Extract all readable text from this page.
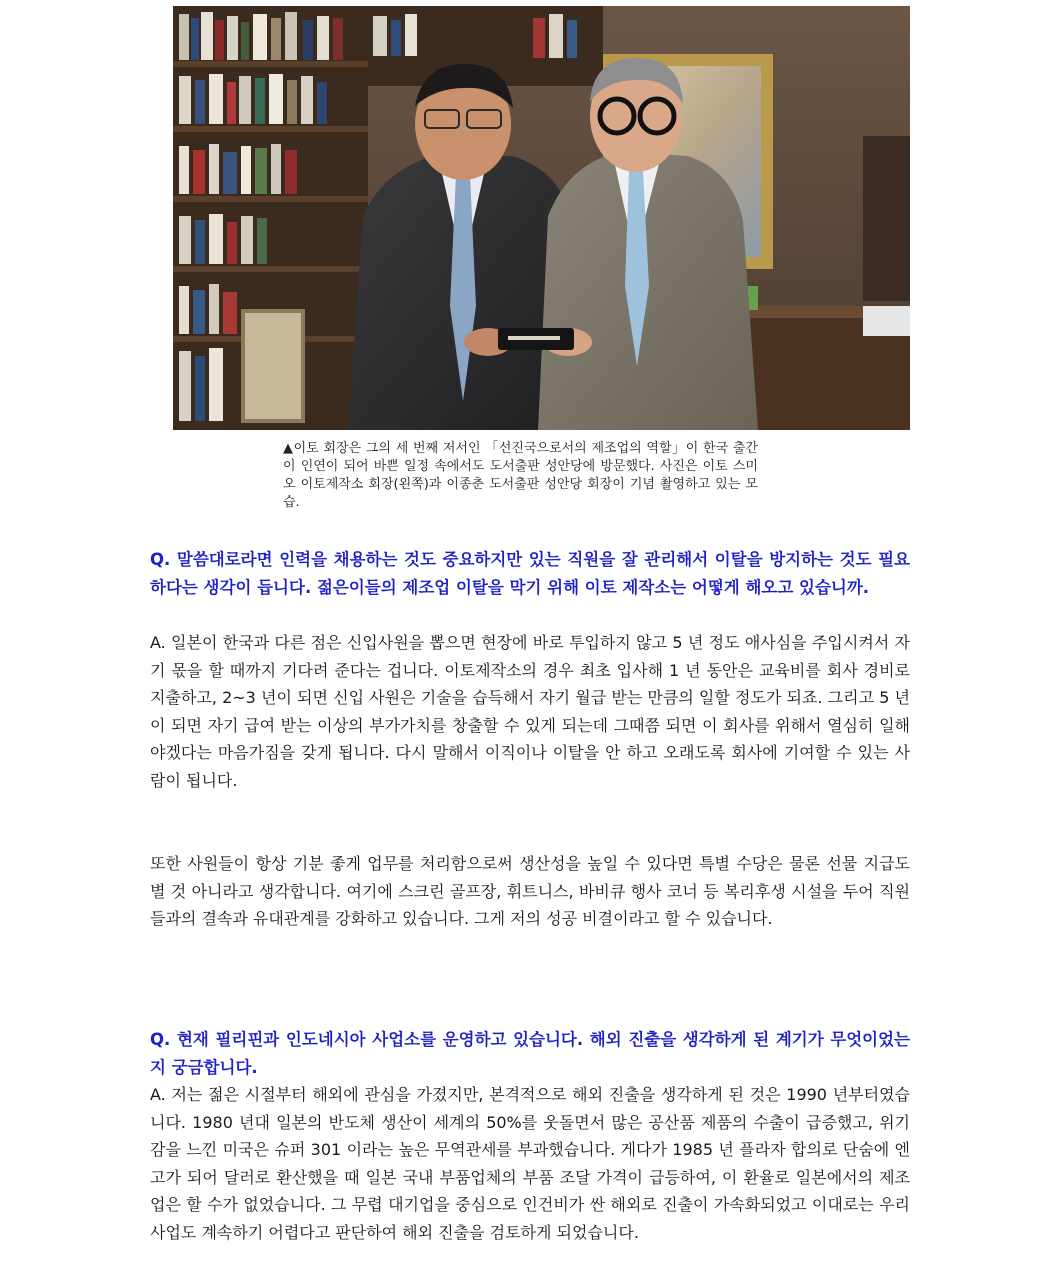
▲이토 회장은 그의 세 번째 저서인 「선진국으로서의 제조업의 역할」이 한국 출간이 인연이 되어 바쁜 일정 속에서도 도서출판 성안당에 방문했다. 사진은 이토 스미오 이토제작소 회장(왼쪽)과 이종춘 도서출판 성안당 회장이 기념 촬영하고 있는 모습.

Q. 말씀대로라면 인력을 채용하는 것도 중요하지만 있는 직원을 잘 관리해서 이탈을 방지하는 것도 필요하다는 생각이 듭니다. 젊은이들의 제조업 이탈을 막기 위해 이토 제작소는 어떻게 해오고 있습니까.

A. 일본이 한국과 다른 점은 신입사원을 뽑으면 현장에 바로 투입하지 않고 5 년 정도 애사심을 주입시켜서 자기 몫을 할 때까지 기다려 준다는 겁니다. 이토제작소의 경우 최초 입사해 1 년 동안은 교육비를 회사 경비로 지출하고, 2~3 년이 되면 신입 사원은 기술을 습득해서 자기 월급 받는 만큼의 일할 정도가 되죠. 그리고 5 년이 되면 자기 급여 받는 이상의 부가가치를 창출할 수 있게 되는데 그때쯤 되면 이 회사를 위해서 열심히 일해야겠다는 마음가짐을 갖게 됩니다. 다시 말해서 이직이나 이탈을 안 하고 오래도록 회사에 기여할 수 있는 사람이 됩니다.

또한 사원들이 항상 기분 좋게 업무를 처리함으로써 생산성을 높일 수 있다면 특별 수당은 물론 선물 지급도 별 것 아니라고 생각합니다. 여기에 스크린 골프장, 휘트니스, 바비큐 행사 코너 등 복리후생 시설을 두어 직원들과의 결속과 유대관계를 강화하고 있습니다. 그게 저의 성공 비결이라고 할 수 있습니다.

Q. 현재 필리핀과 인도네시아 사업소를 운영하고 있습니다. 해외 진출을 생각하게 된 계기가 무엇이었는지 궁금합니다.

A. 저는 젊은 시절부터 해외에 관심을 가졌지만, 본격적으로 해외 진출을 생각하게 된 것은 1990 년부터였습니다. 1980 년대 일본의 반도체 생산이 세계의 50%를 웃돌면서 많은 공산품 제품의 수출이 급증했고, 위기감을 느낀 미국은 슈퍼 301 이라는 높은 무역관세를 부과했습니다. 게다가 1985 년 플라자 합의로 단숨에 엔고가 되어 달러로 환산했을 때 일본 국내 부품업체의 부품 조달 가격이 급등하여, 이 환율로 일본에서의 제조업은 할 수가 없었습니다. 그 무렵 대기업을 중심으로 인건비가 싼 해외로 진출이 가속화되었고 이대로는 우리 사업도 계속하기 어렵다고 판단하여 해외 진출을 검토하게 되었습니다.
